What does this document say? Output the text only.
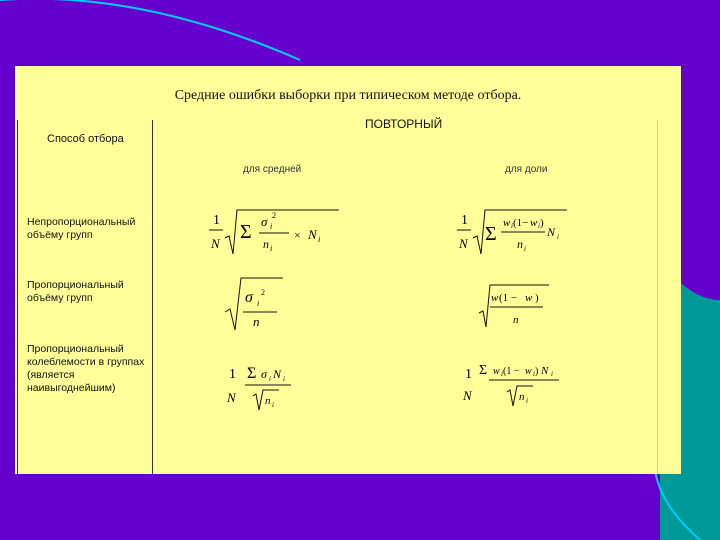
Средние ошибки выборки при типическом методе отбора.
ПОВТОРНЫЙ
Способ отбора
для средней	для доли
Непропорциональный объёму групп
Пропорциональный объёму групп
Пропорциональный колеблемости в группах (является наивыгоднейшим)
1
N
Σ σ i
2
n i
× N i
1
N Σ w i (1− w i )
n i
N i
σ i
2
n
w (1 − w )
n
1
N
Σ σ i N i
n i
1
N
Σ w i (1 − w i ) N i
n i
